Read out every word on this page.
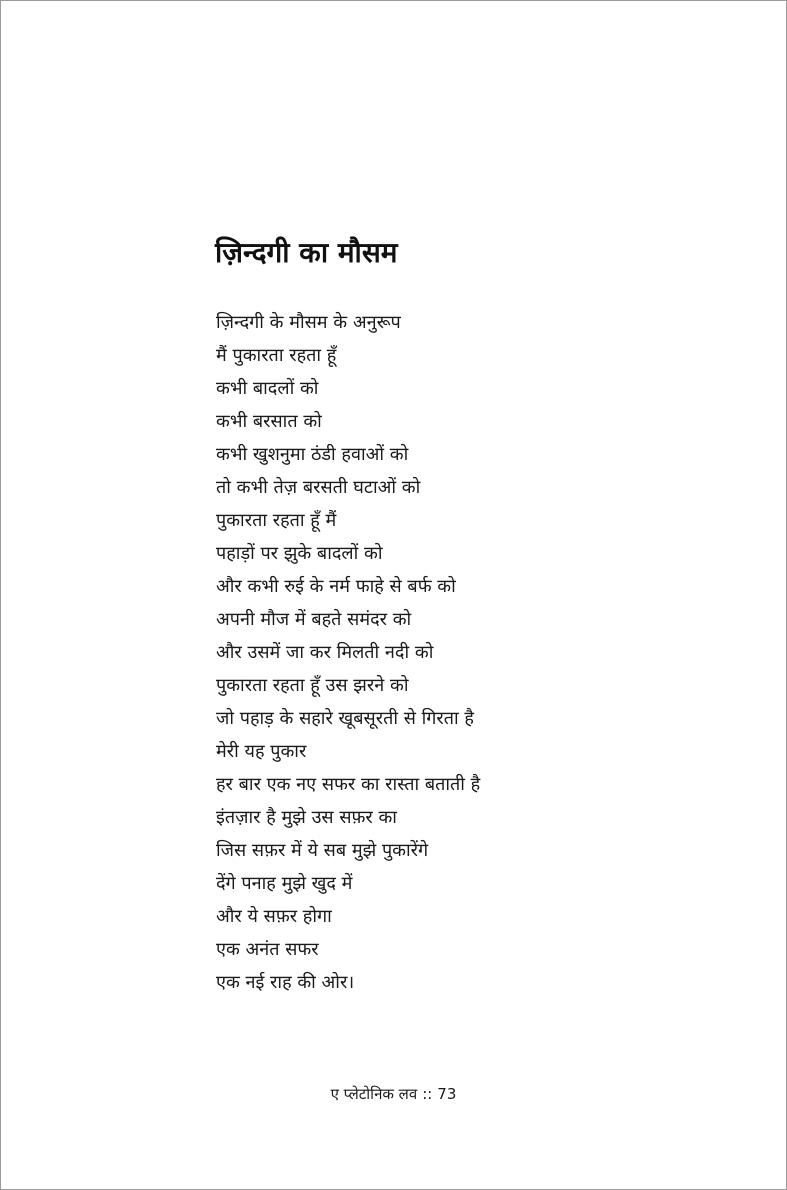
ज़िन्दगी का मौसम
ज़िन्दगी के मौसम के अनुरूप
मैं पुकारता रहता हूँ
कभी बादलों को
कभी बरसात को
कभी खुशनुमा ठंडी हवाओं को
तो कभी तेज़ बरसती घटाओं को
पुकारता रहता हूँ मैं
पहाड़ों पर झुके बादलों को
और कभी रुई के नर्म फाहे से बर्फ को
अपनी मौज में बहते समंदर को
और उसमें जा कर मिलती नदी को
पुकारता रहता हूँ उस झरने को
जो पहाड़ के सहारे खूबसूरती से गिरता है
मेरी यह पुकार
हर बार एक नए सफर का रास्ता बताती है
इंतज़ार है मुझे उस सफ़र का
जिस सफ़र में ये सब मुझे पुकारेंगे
देंगे पनाह मुझे खुद में
और ये सफ़र होगा
एक अनंत सफर
एक नई राह की ओर।
ए प्लेटोनिक लव :: 73
